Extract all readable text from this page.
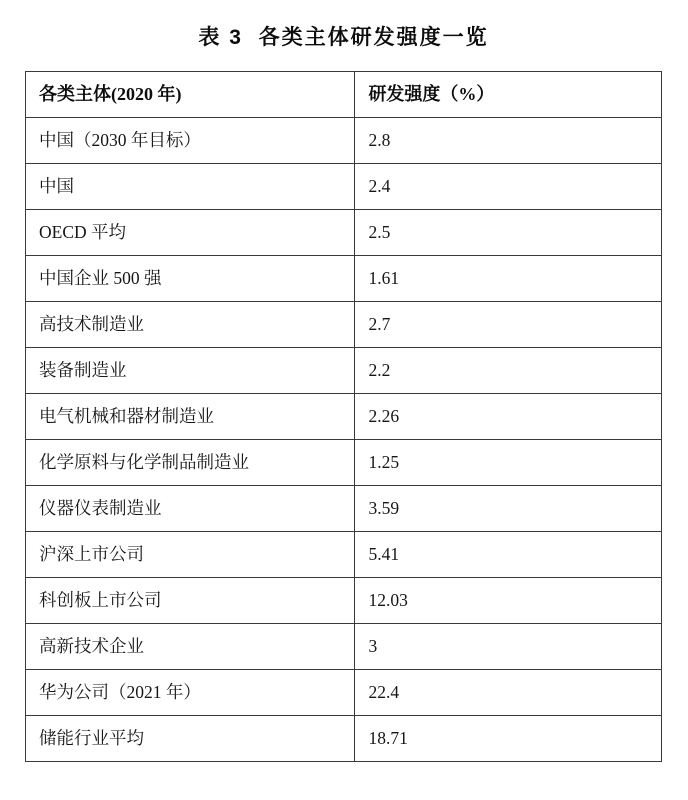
表 3  各类主体研发强度一览
各类主体(2020 年)	研发强度（%）
中国（2030 年目标）	2.8
中国	2.4
OECD 平均	2.5
中国企业 500 强	1.61
高技术制造业	2.7
装备制造业	2.2
电气机械和器材制造业	2.26
化学原料与化学制品制造业	1.25
仪器仪表制造业	3.59
沪深上市公司	5.41
科创板上市公司	12.03
高新技术企业	3
华为公司（2021 年）	22.4
储能行业平均	18.71
